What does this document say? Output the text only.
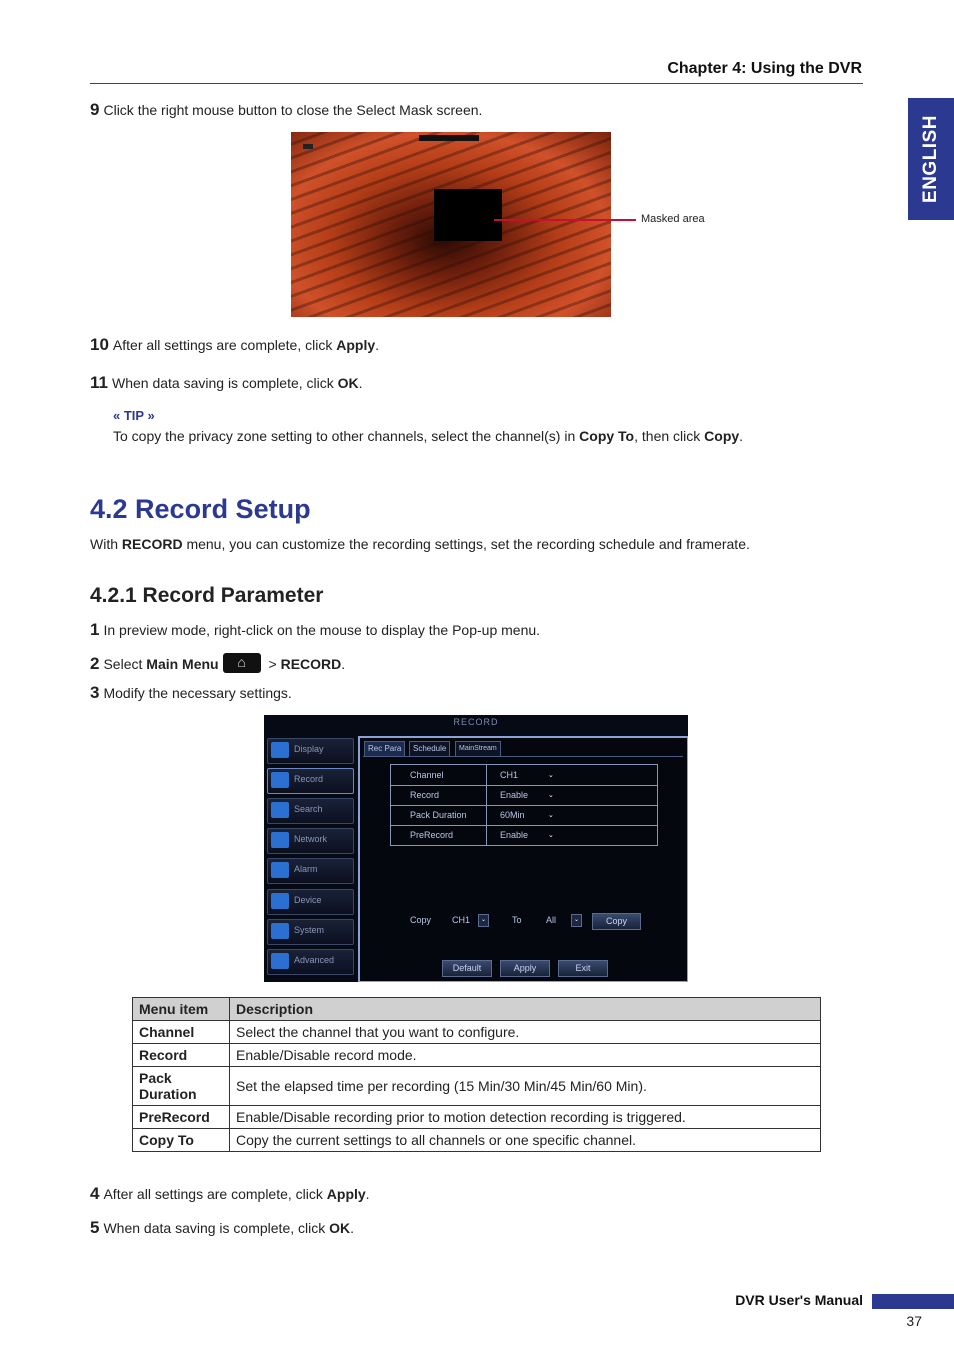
Chapter 4: Using the DVR
ENGLISH
9 Click the right mouse button to close the Select Mask screen.
Masked area
10 After all settings are complete, click Apply.
11 When data saving is complete, click OK.
« TIP »
To copy the privacy zone setting to other channels, select the channel(s) in Copy To, then click Copy.
4.2 Record Setup
With RECORD menu, you can customize the recording settings, set the recording schedule and framerate.
4.2.1 Record Parameter
1 In preview mode, right-click on the mouse to display the Pop-up menu.
2 Select Main Menu	⌂	> RECORD.
3 Modify the necessary settings.
RECORD
Display
Record
Search
Network
Alarm
Device
System
Advanced
Rec Para	Schedule	MainStream
Channel	CH1	⌄
Record	Enable	⌄
Pack Duration	60Min	⌄
PreRecord	Enable	⌄
Copy CH1	⌄	To	All	⌄	Copy
Default	Apply	Exit
Menu item	Description
Channel	Select the channel that you want to configure.
Record	Enable/Disable record mode.
Pack Duration	Set the elapsed time per recording (15 Min/30 Min/45 Min/60 Min).
PreRecord	Enable/Disable recording prior to motion detection recording is triggered.
Copy To	Copy the current settings to all channels or one specific channel.
4 After all settings are complete, click Apply.
5 When data saving is complete, click OK.
DVR User's Manual
37
